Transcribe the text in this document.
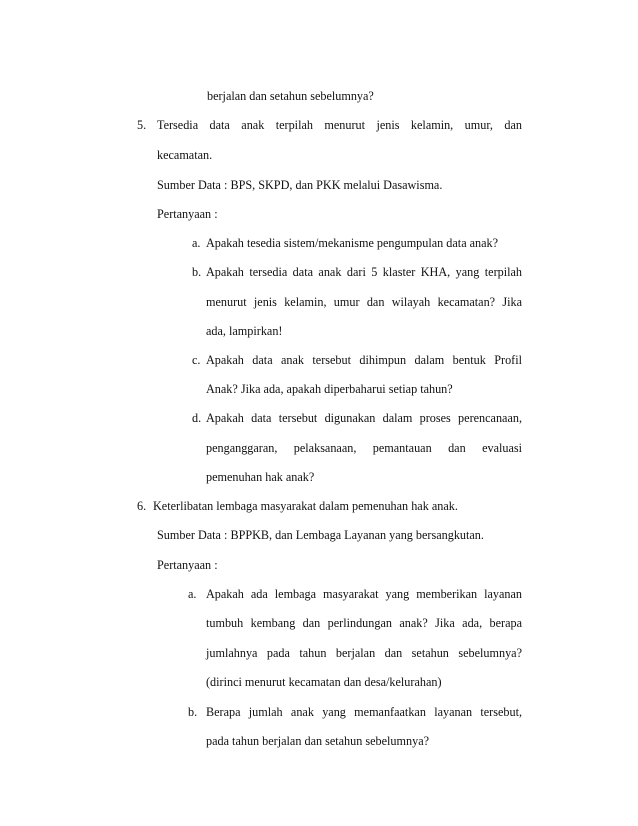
berjalan dan setahun sebelumnya?
5. Tersedia data anak terpilah menurut jenis kelamin, umur, dan
kecamatan.
Sumber Data : BPS, SKPD, dan PKK melalui Dasawisma.
Pertanyaan :
a. Apakah tesedia sistem/mekanisme pengumpulan data anak?
b. Apakah tersedia data anak dari 5 klaster KHA, yang terpilah
menurut jenis kelamin, umur dan wilayah kecamatan? Jika
ada, lampirkan!
c. Apakah data anak tersebut dihimpun dalam bentuk Profil
Anak? Jika ada, apakah diperbaharui setiap tahun?
d. Apakah data tersebut digunakan dalam proses perencanaan,
penganggaran, pelaksanaan, pemantauan dan evaluasi
pemenuhan hak anak?
6. Keterlibatan lembaga masyarakat dalam pemenuhan hak anak.
Sumber Data : BPPKB, dan Lembaga Layanan yang bersangkutan.
Pertanyaan :
a. Apakah ada lembaga masyarakat yang memberikan layanan
tumbuh kembang dan perlindungan anak? Jika ada, berapa
jumlahnya pada tahun berjalan dan setahun sebelumnya?
(dirinci menurut kecamatan dan desa/kelurahan)
b. Berapa jumlah anak yang memanfaatkan layanan tersebut,
pada tahun berjalan dan setahun sebelumnya?
